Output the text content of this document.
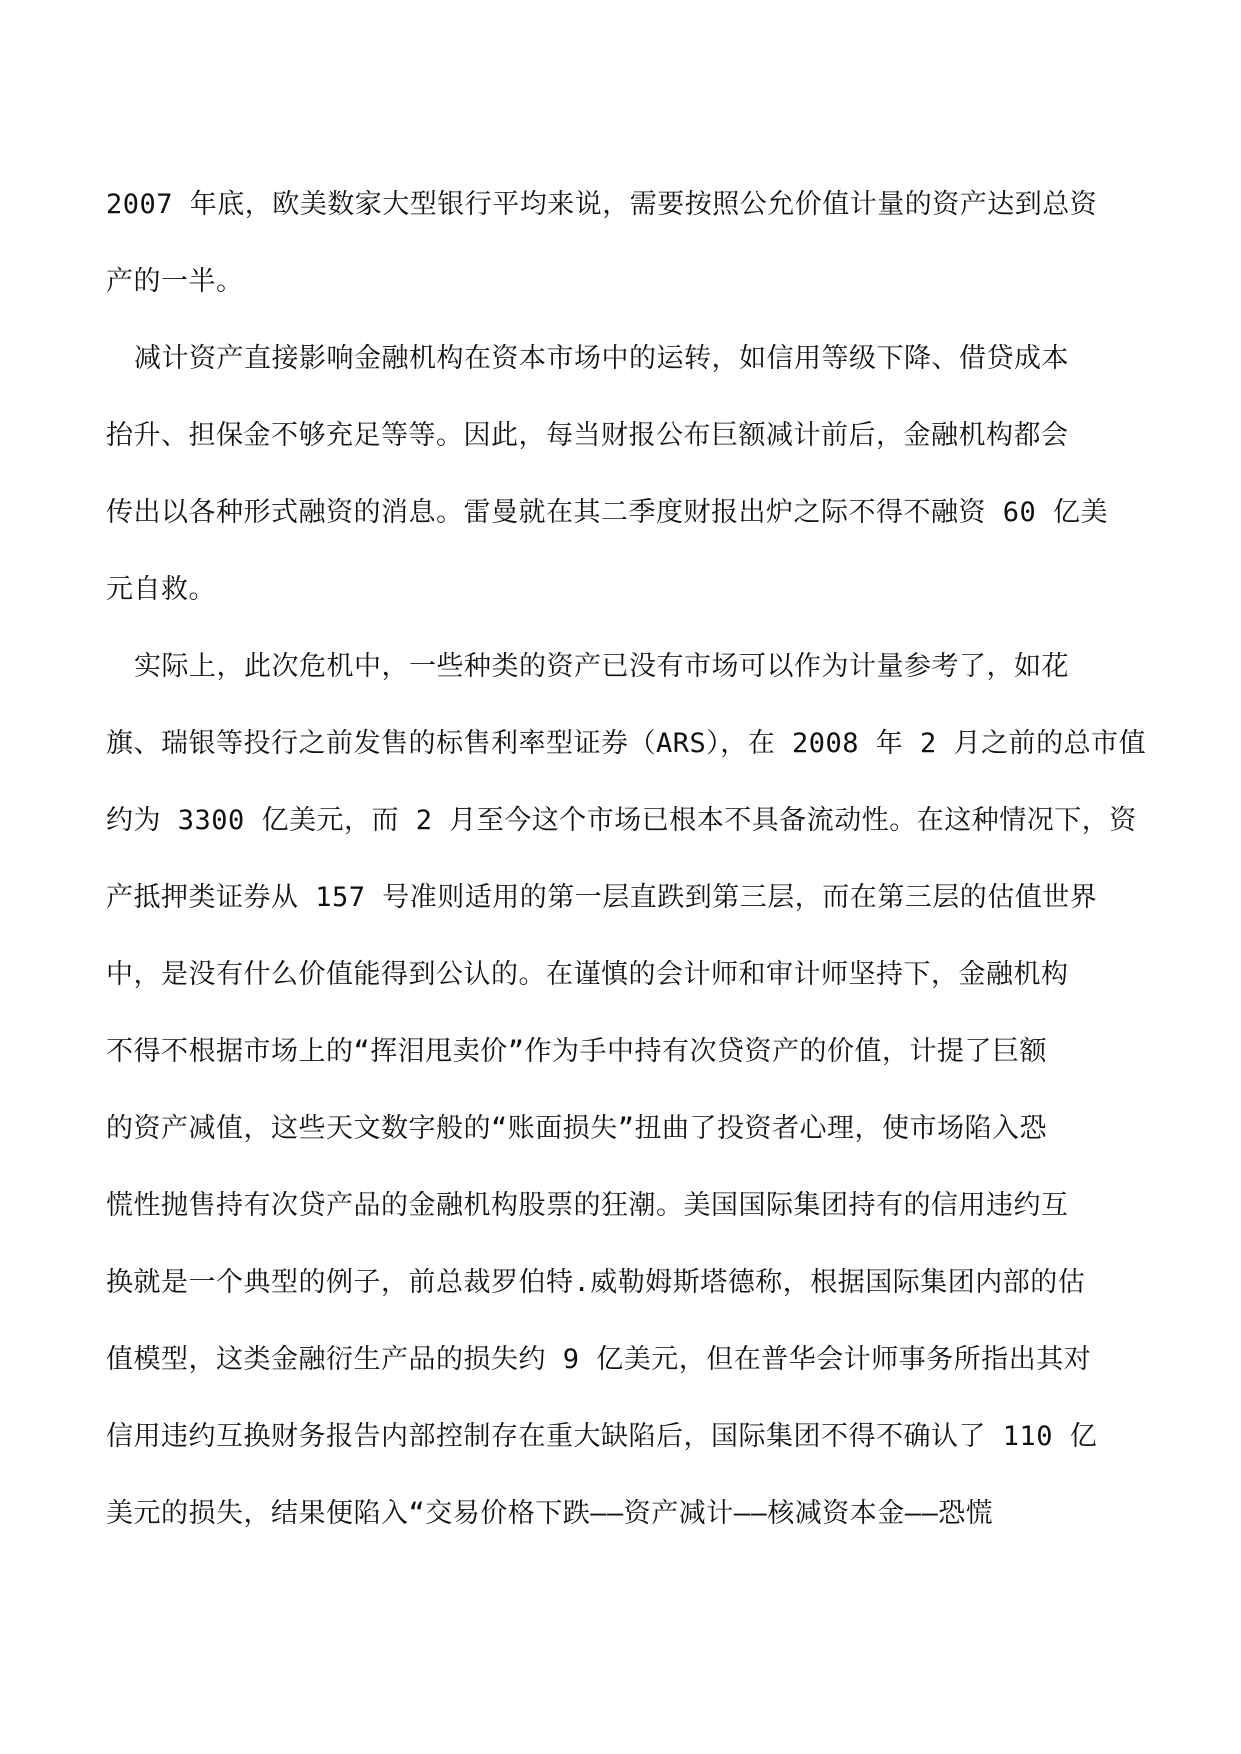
2007 年底，欧美数家大型银行平均来说，需要按照公允价值计量的资产达到总资
产的一半。
减计资产直接影响金融机构在资本市场中的运转，如信用等级下降、借贷成本
抬升、担保金不够充足等等。因此，每当财报公布巨额减计前后，金融机构都会
传出以各种形式融资的消息。雷曼就在其二季度财报出炉之际不得不融资 60 亿美
元自救。
实际上，此次危机中，一些种类的资产已没有市场可以作为计量参考了，如花
旗、瑞银等投行之前发售的标售利率型证券（ARS），在 2008 年 2 月之前的总市值
约为 3300 亿美元，而 2 月至今这个市场已根本不具备流动性。在这种情况下，资
产抵押类证券从 157 号准则适用的第一层直跌到第三层，而在第三层的估值世界
中，是没有什么价值能得到公认的。在谨慎的会计师和审计师坚持下，金融机构
不得不根据市场上的“挥泪甩卖价”作为手中持有次贷资产的价值，计提了巨额
的资产减值，这些天文数字般的“账面损失”扭曲了投资者心理，使市场陷入恐
慌性抛售持有次贷产品的金融机构股票的狂潮。美国国际集团持有的信用违约互
换就是一个典型的例子，前总裁罗伯特.威勒姆斯塔德称，根据国际集团内部的估
值模型，这类金融衍生产品的损失约 9 亿美元，但在普华会计师事务所指出其对
信用违约互换财务报告内部控制存在重大缺陷后，国际集团不得不确认了 110 亿
美元的损失，结果便陷入“交易价格下跌——资产减计——核减资本金——恐慌
